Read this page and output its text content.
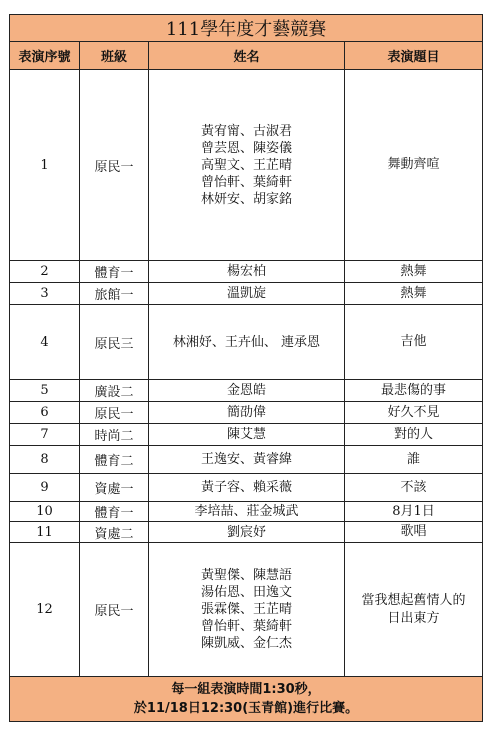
111學年度才藝競賽			
表演序號	班級	姓名	表演題目
1	原民一	黃宥甯、古淑君
曾芸恩、陳姿儀
高聖文、王芷晴
曾怡軒、葉綺軒
林妍安、胡家銘	舞動齊喧

2	體育一	楊宏柏	熱舞

3	旅館一	溫凱旋	熱舞

4	原民三	林湘妤、王卉仙、 連承恩	吉他

5	廣設二	金恩皓	最悲傷的事

6	原民一	簡劭偉	好久不見

7	時尚二	陳艾慧	對的人

8	體育二	王逸安、黃睿緯	誰

9	資處一	黃子容、賴采薇	不該

10	體育一	李培喆、莊金城武	8月1日

11	資處二	劉宸妤	歌唱

12	原民一	黃聖傑、陳慧語
湯佑恩、田逸文
張霖傑、王芷晴
曾怡軒、葉綺軒
陳凱威、金仁杰	當我想起舊情人的
日出東方

每一組表演時間1:30秒，
於11/18日12:30(玉青館)進行比賽。			
